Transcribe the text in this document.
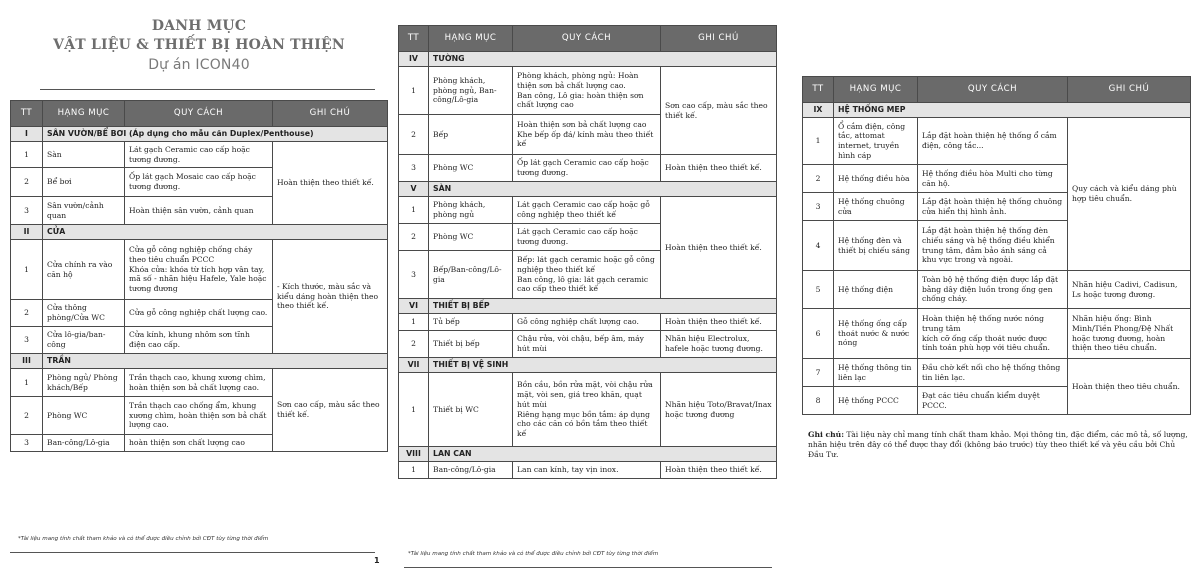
DANH MỤC
VẬT LIỆU & THIẾT BỊ HOÀN THIỆN
Dự án ICON40
TT	HẠNG MỤC	QUY CÁCH	GHI CHÚ
I	SÂN VƯỜN/BỂ BƠI (Áp dụng cho mẫu căn Duplex/Penthouse)		
1	Sàn	Lát gạch Ceramic cao cấp hoặc tương đương.	Hoàn thiện theo thiết kế.
2	Bể bơi	Ốp lát gạch Mosaic cao cấp hoặc tương đương.	
3	Sân vườn/cảnh quan	Hoàn thiện sân vườn, cảnh quan	
II	CỬA		
1	Cửa chính ra vào căn hộ	Cửa gỗ công nghiệp chống cháy theo tiêu chuẩn PCCC
Khóa cửa: khóa từ tích hợp vân tay, mã số - nhãn hiệu Hafele, Yale hoặc tương đương	- Kích thước, màu sắc và kiểu dáng hoàn thiện theo theo thiết kế.
2	Cửa thông phòng/Cửa WC	Cửa gỗ công nghiệp chất lượng cao.	
3	Cửa lô-gia/ban-công	Cửa kính, khung nhôm sơn tĩnh điện cao cấp.	
III	TRẦN		
1	Phòng ngủ/ Phòng khách/Bếp	Trần thạch cao, khung xương chìm, hoàn thiện sơn bả chất lượng cao.	Sơn cao cấp, màu sắc theo thiết kế.
2	Phòng WC	Trần thạch cao chống ẩm, khung xương chìm, hoàn thiện sơn bả chất lượng cao.	
3	Ban-công/Lô-gia	hoàn thiện sơn chất lượng cao	
*Tài liệu mang tính chất tham khảo và có thể được điều chỉnh bởi CĐT tùy từng thời điểm
1
TT	HẠNG MỤC	QUY CÁCH	GHI CHÚ
IV	TƯỜNG		
1	Phòng khách, phòng ngủ, Ban-công/Lô-gia	Phòng khách, phòng ngủ: Hoàn thiện sơn bả chất lượng cao.
Ban công, Lô gia: hoàn thiện sơn chất lượng cao	Sơn cao cấp, màu sắc theo thiết kế.
2	Bếp	Hoàn thiện sơn bả chất lượng cao
Khe bếp ốp đá/ kính màu theo thiết kế	

3	Phòng WC	Ốp lát gạch Ceramic cao cấp hoặc tương đương.	Hoàn thiện theo thiết kế.
V	SÀN		
1	Phòng khách, phòng ngủ	Lát gạch Ceramic cao cấp hoặc gỗ công nghiệp theo thiết kế	Hoàn thiện theo thiết kế.
2	Phòng WC	Lát gạch Ceramic cao cấp hoặc tương đương.	
3	Bếp/Ban-công/Lô-gia	Bếp: lát gạch ceramic hoặc gỗ công nghiệp theo thiết kế
Ban công, lô gia: lát gạch ceramic cao cấp theo thiết kế	

VI	THIẾT BỊ BẾP		
1	Tủ bếp	Gỗ công nghiệp chất lượng cao.	Hoàn thiện theo thiết kế.
2	Thiết bị bếp	Chậu rửa, vòi chậu, bếp âm, máy hút mùi	Nhãn hiệu Electrolux, hafele hoặc tương đương.
VII	THIẾT BỊ VỆ SINH		
1	Thiết bị WC	Bồn cầu, bồn rửa mặt, vòi chậu rửa mặt, vòi sen, giá treo khăn, quạt hút mùi
Riêng hạng mục bồn tắm: áp dụng cho các căn có bồn tắm theo thiết kế	Nhãn hiệu Toto/Bravat/Inax hoặc tương đương
VIII	LAN CAN		
1	Ban-công/Lô-gia	Lan can kính, tay vịn inox.	Hoàn thiện theo thiết kế.
*Tài liệu mang tính chất tham khảo và có thể được điều chỉnh bởi CĐT tùy từng thời điểm
TT	HẠNG MỤC	QUY CÁCH	GHI CHÚ
IX	HỆ THỐNG MEP		
1	Ổ cắm điện, công tắc, attomat internet, truyền hình cáp	Lắp đặt hoàn thiện hệ thống ổ cắm điện, công tắc...	Quy cách và kiểu dáng phù hợp tiêu chuẩn.
2	Hệ thống điều hòa	Hệ thống điều hòa Multi cho từng căn hộ.	
3	Hệ thống chuông cửa	Lắp đặt hoàn thiện hệ thống chuông cửa hiển thị hình ảnh.	
4	Hệ thống đèn và thiết bị chiếu sáng	Lắp đặt hoàn thiện hệ thống đèn chiếu sáng và hệ thống điều khiển trung tâm, đảm bảo ánh sáng cả khu vực trong và ngoài.	
5	Hệ thống điện	Toàn bộ hệ thống điện được lắp đặt bằng dây điện luồn trong ống gen chống cháy.	Nhãn hiệu Cadivi, Cadisun, Ls hoặc tương đương.
6	Hệ thống ống cấp thoát nước & nước nóng	Hoàn thiện hệ thống nước nóng trung tâm
kích cỡ ống cấp thoát nước được tính toán phù hợp với tiêu chuẩn.	Nhãn hiệu ống: Bình Minh/Tiền Phong/Đệ Nhất hoặc tương đương, hoàn thiện theo tiêu chuẩn.
7	Hệ thống thông tin liên lạc	Đầu chờ kết nối cho hệ thống thông tin liên lạc.	Hoàn thiện theo tiêu chuẩn.
8	Hệ thống PCCC	Đạt các tiêu chuẩn kiểm duyệt PCCC.	
Ghi chú: Tài liệu này chỉ mang tính chất tham khảo. Mọi thông tin, đặc điểm, các mô tả, số lượng, nhãn hiệu trên đây có thể được thay đổi (không báo trước) tùy theo thiết kế và yêu cầu bởi Chủ Đầu Tư.
